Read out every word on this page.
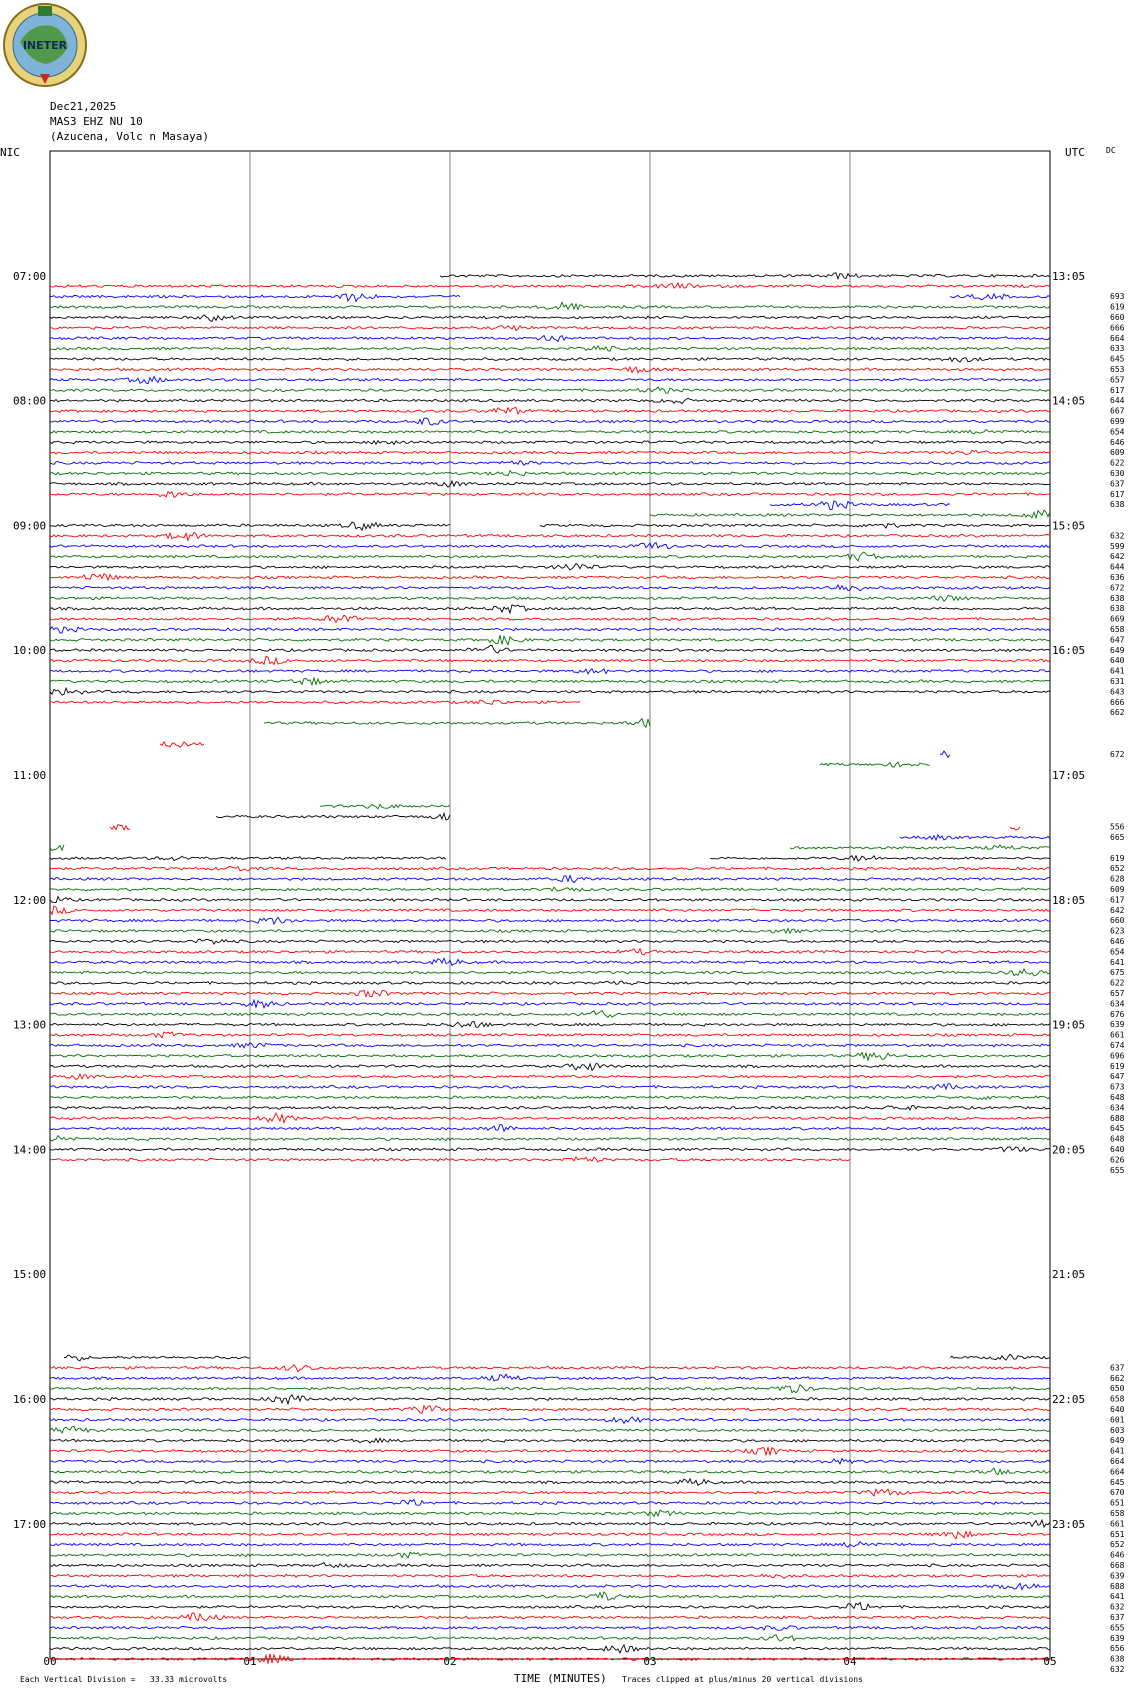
00	01	02	03	04	05
07:00
08:00
09:00
10:00
11:00
12:00
13:00
14:00
15:00
16:00
17:00
13:05
14:05
15:05
16:05
17:05
18:05
19:05
20:05
21:05
22:05
23:05
693
619
660
666
664
633
645
653
657
617
644
667
699
654
646
609
622
630
637
617
638
632
599
642
644
636
672
638
638
669
658
647
649
640
641
631
643
666
662
672
556
665
619
652
628
609
617
642
660
623
646
654
641
675
622
657
634
676
639
661
674
696
619
647
673
648
634
688
645
648
640
626
655
637
662
650
658
640
601
603
649
641
664
664
645
670
651
658
661
651
652
646
668
639
688
641
632
637
655
639
656
638
632
INETER
Dec21,2025
MAS3 EHZ NU 10
(Azucena, Volc n Masaya)
NIC	UTC	DC
Each Vertical Division =   33.33 microvolts	TIME (MINUTES) Traces clipped at plus/minus 20 vertical divisions
